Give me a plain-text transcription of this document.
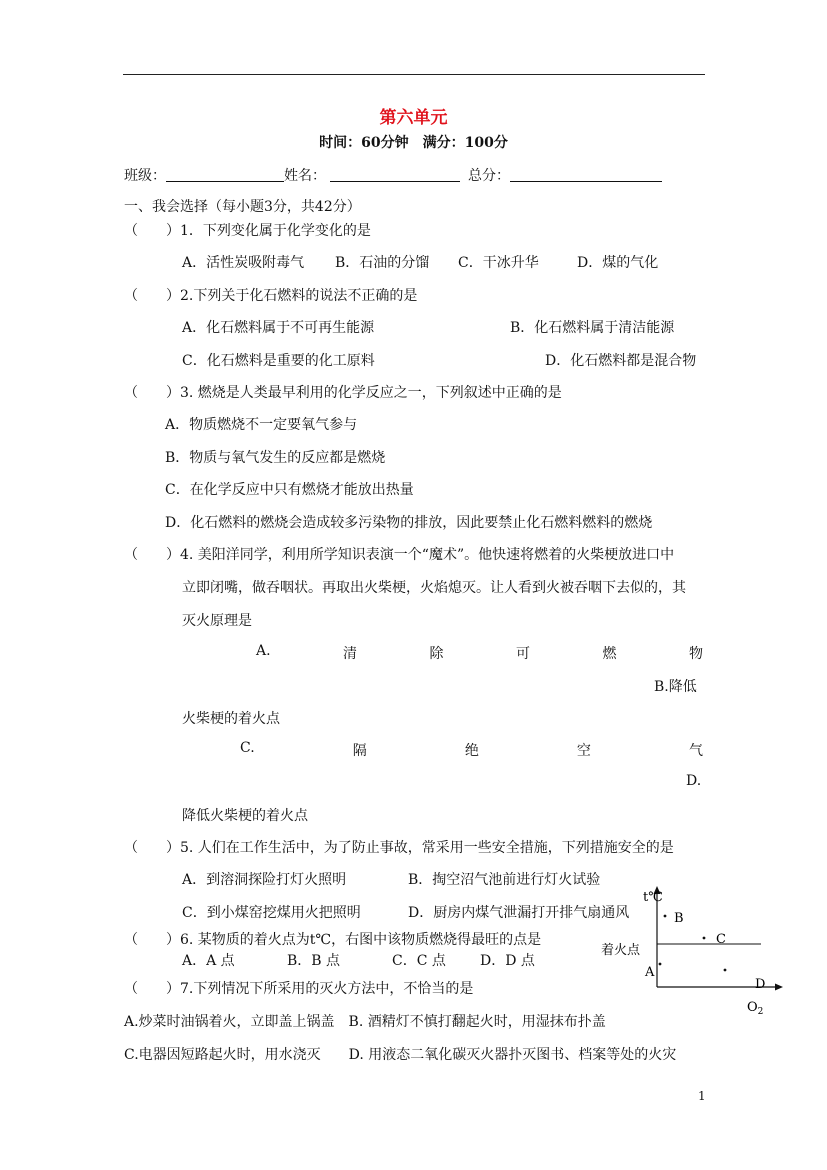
第六单元
时间：60分钟　满分：100分
班级：	姓名：	总分：
一、我会选择（每小题3分，共42分）
（　　） 1．下列变化属于化学变化的是
A．活性炭吸附毒气 B．石油的分馏 C．干冰升华	D．煤的气化
（　　） 2.下列关于化石燃料的说法不正确的是
A．化石燃料属于不可再生能源	B．化石燃料属于清洁能源
C．化石燃料是重要的化工原料	D．化石燃料都是混合物
（　　） 3. 燃烧是人类最早利用的化学反应之一，下列叙述中正确的是
A．物质燃烧不一定要氧气参与
B．物质与氧气发生的反应都是燃烧
C．在化学反应中只有燃烧才能放出热量
D．化石燃料的燃烧会造成较多污染物的排放，因此要禁止化石燃料燃料的燃烧
（　　） 4. 美阳洋同学，利用所学知识表演一个“魔术”。他快速将燃着的火柴梗放进口中
立即闭嘴，做吞咽状。再取出火柴梗，火焰熄灭。让人看到火被吞咽下去似的，其
灭火原理是
A.	清	除	可	燃	物
B.降低
火柴梗的着火点
C.	隔	绝	空	气
D.
降低火柴梗的着火点
（　　） 5. 人们在工作生活中，为了防止事故，常采用一些安全措施，下列措施安全的是
A．到溶洞探险打灯火照明	B．掏空沼气池前进行灯火试验
C．到小煤窑挖煤用火把照明	D．厨房内煤气泄漏打开排气扇通风
（　　） 6. 某物质的着火点为t℃，右图中该物质燃烧得最旺的点是
A．A 点	B．B 点	C．C 点 D．D 点
（　　） 7.下列情况下所采用的灭火方法中，不恰当的是
A.炒菜时油锅着火，立即盖上锅盖　B. 酒精灯不慎打翻起火时，用湿抹布扑盖
C.电器因短路起火时，用水浇灭　　D. 用液态二氧化碳灭火器扑灭图书、档案等处的火灾
t℃
着火点
$O_2$
B
C
A
D
1
